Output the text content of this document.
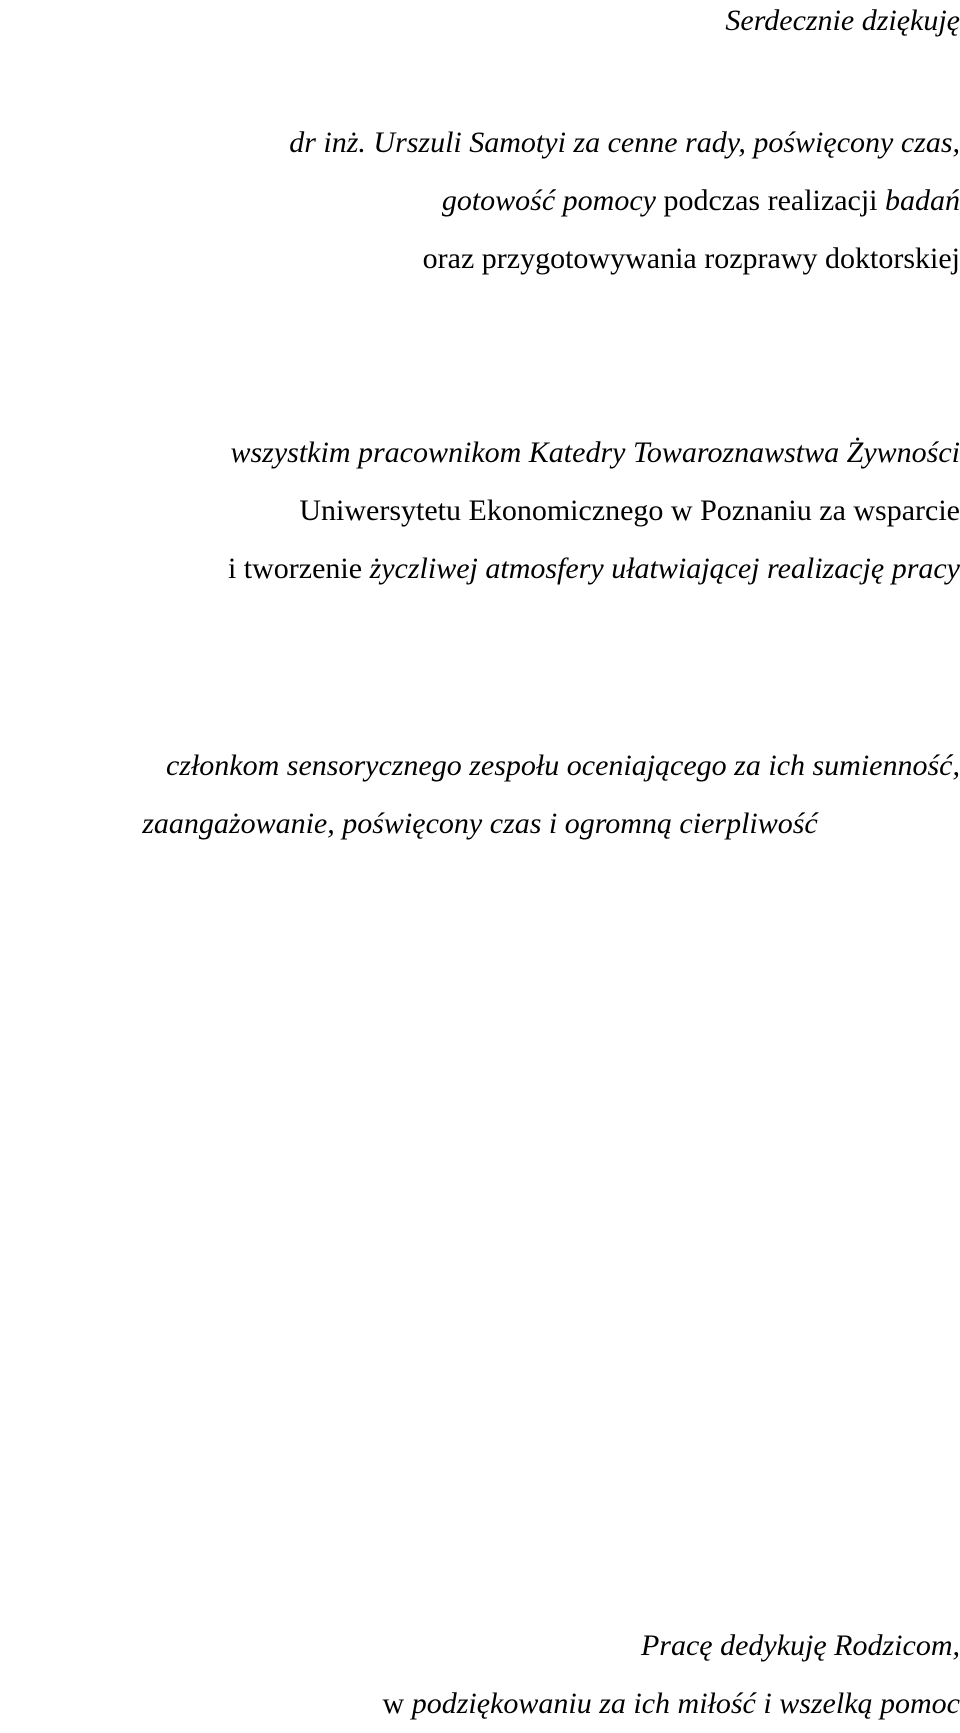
Serdecznie dziękuję
dr inż. Urszuli Samotyi za cenne rady, poświęcony czas,
gotowość pomocy podczas realizacji badań
oraz przygotowywania rozprawy doktorskiej
wszystkim pracownikom Katedry Towaroznawstwa Żywności
Uniwersytetu Ekonomicznego w Poznaniu za wsparcie
i tworzenie życzliwej atmosfery ułatwiającej realizację pracy
członkom sensorycznego zespołu oceniającego za ich sumienność,
zaangażowanie, poświęcony czas i ogromną cierpliwość
Pracę dedykuję Rodzicom,
w podziękowaniu za ich miłość i wszelką pomoc
